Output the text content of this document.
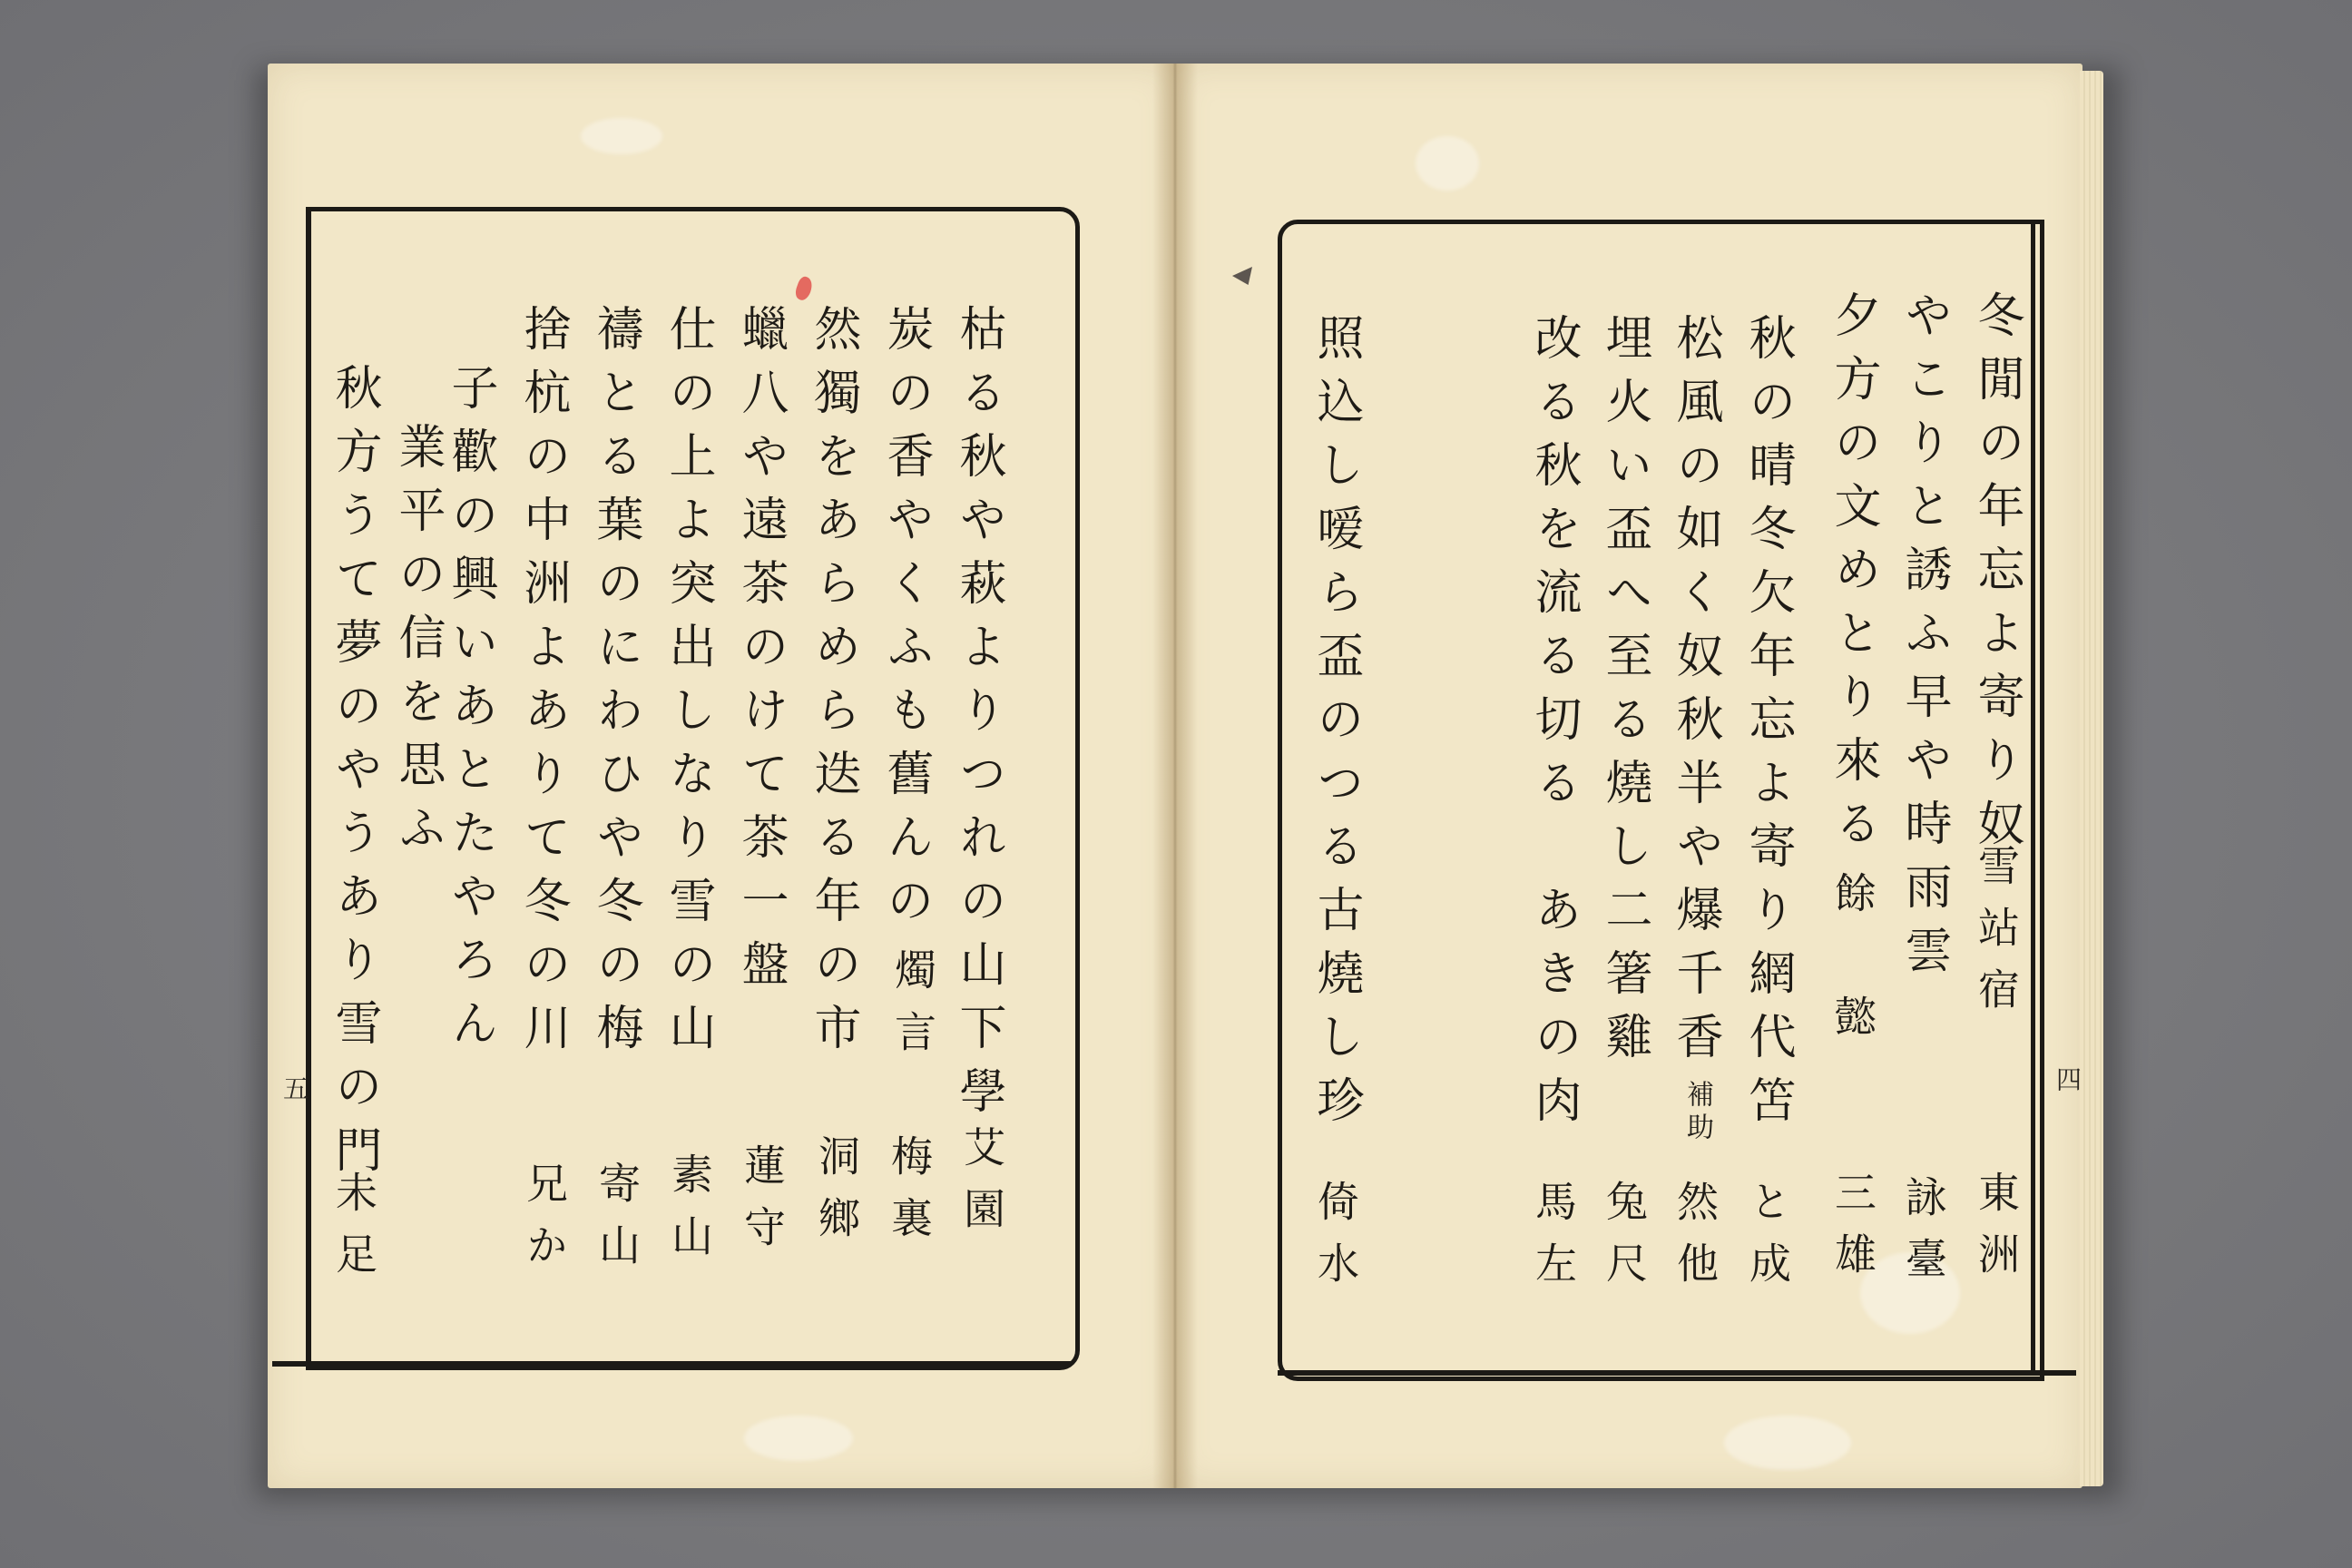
五	四
枯る秋や萩よりつれの山下學
艾園
炭の香やくふも舊んの
梅裏
然獨をあらめら迭る年の市 燭言
蠟八や遠茶のけて茶一盤
洞鄉
仕の上よ突出しなり雪の山
蓮守
禱とる葉のにわひや冬の梅
素山
捨杭の中洲よありて冬の川
寄山
子歡の興いあとたやろん
兄か
業平の信を思ふ
秋方うて夢のやうあり雪の門
未足
冬閒の年忘よ寄り奴
雪站宿
東洲
やこりと誘ふ早や時雨雲
詠臺
夕方の文めとり來る
餘　懿
三雄
秋の晴冬欠年忘よ寄り網代笘
補助
と成
松風の如く奴秋半や爆千香
然他
埋火い盃へ至る燒し二箸雞
兔尺
改る秋を流る切る　あきの肉
馬左
照込し嗳ら盃のつる古燒し珍
倚水
